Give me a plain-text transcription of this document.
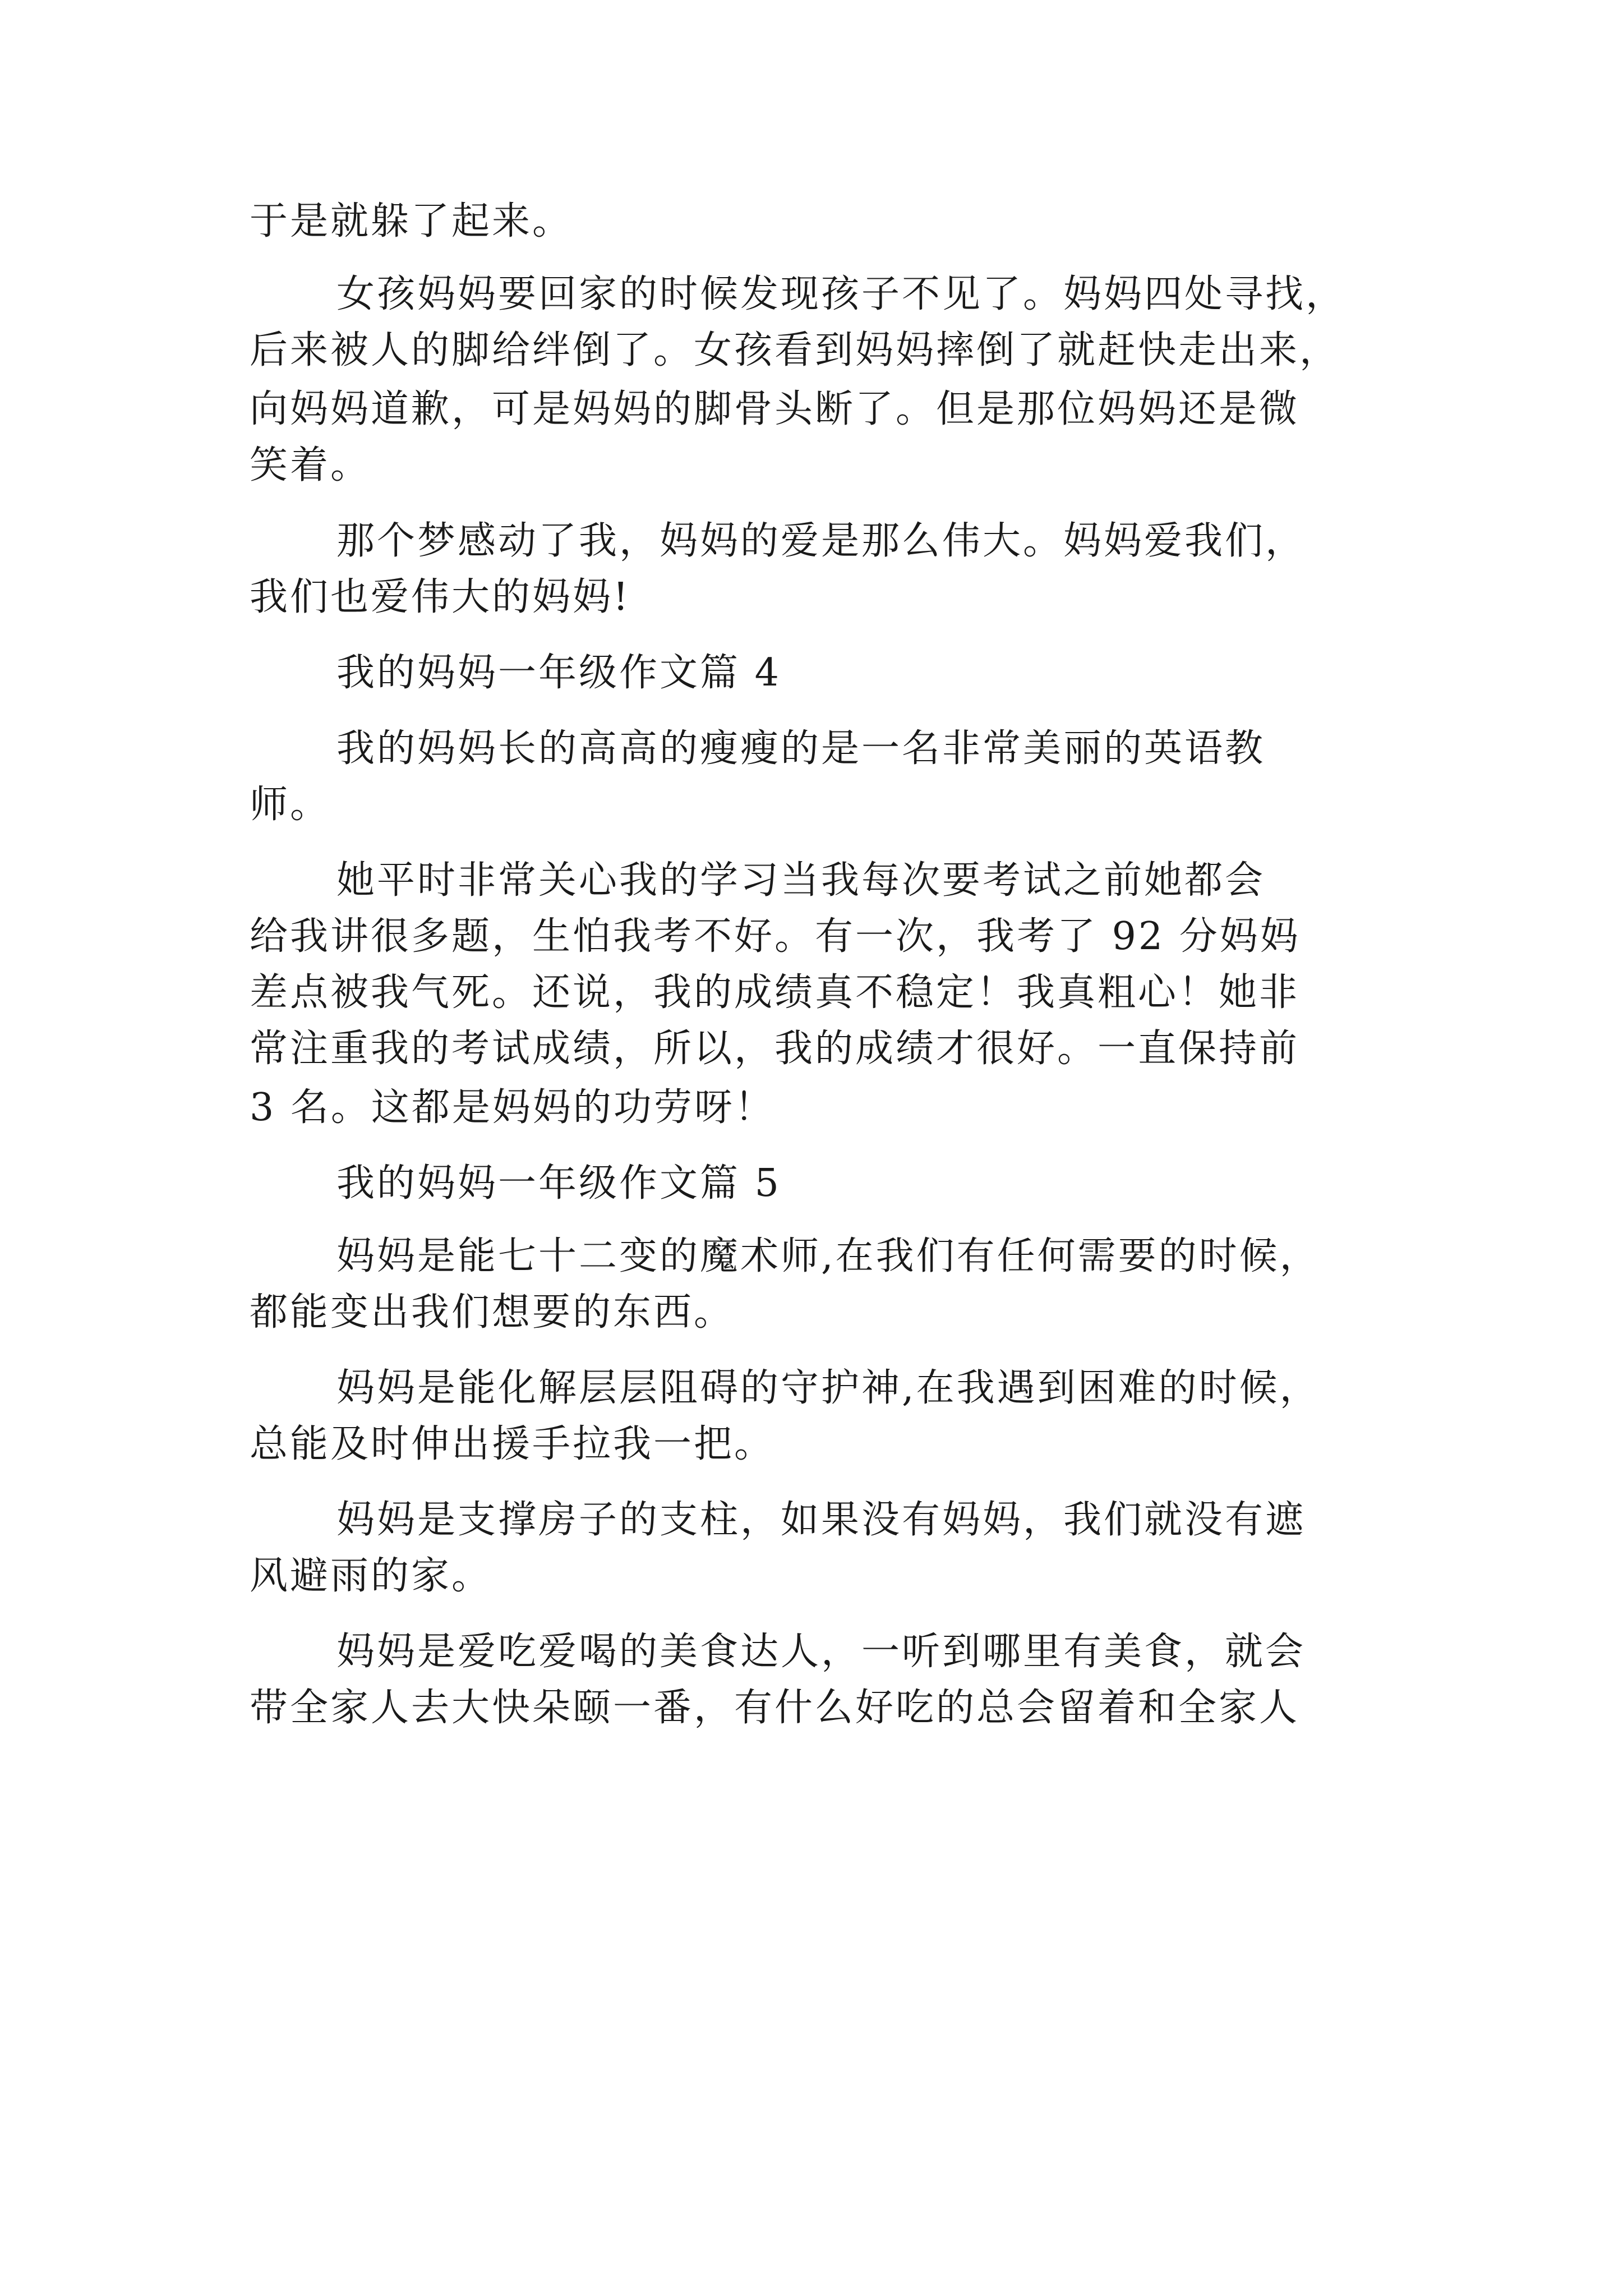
于是就躲了起来。
女孩妈妈要回家的时候发现孩子不见了。妈妈四处寻找，
后来被人的脚给绊倒了。女孩看到妈妈摔倒了就赶快走出来，
向妈妈道歉，可是妈妈的脚骨头断了。但是那位妈妈还是微
笑着。
那个梦感动了我，妈妈的爱是那么伟大。妈妈爱我们，
我们也爱伟大的妈妈!
我的妈妈一年级作文篇 4
我的妈妈长的高高的瘦瘦的是一名非常美丽的英语教
师。
她平时非常关心我的学习当我每次要考试之前她都会
给我讲很多题，生怕我考不好。有一次，我考了 92 分妈妈
差点被我气死。还说，我的成绩真不稳定！我真粗心！她非
常注重我的考试成绩，所以，我的成绩才很好。一直保持前
3 名。这都是妈妈的功劳呀！
我的妈妈一年级作文篇 5
妈妈是能七十二变的魔术师,在我们有任何需要的时候，
都能变出我们想要的东西。
妈妈是能化解层层阻碍的守护神,在我遇到困难的时候，
总能及时伸出援手拉我一把。
妈妈是支撑房子的支柱，如果没有妈妈，我们就没有遮
风避雨的家。
妈妈是爱吃爱喝的美食达人，一听到哪里有美食，就会
带全家人去大快朵颐一番，有什么好吃的总会留着和全家人
